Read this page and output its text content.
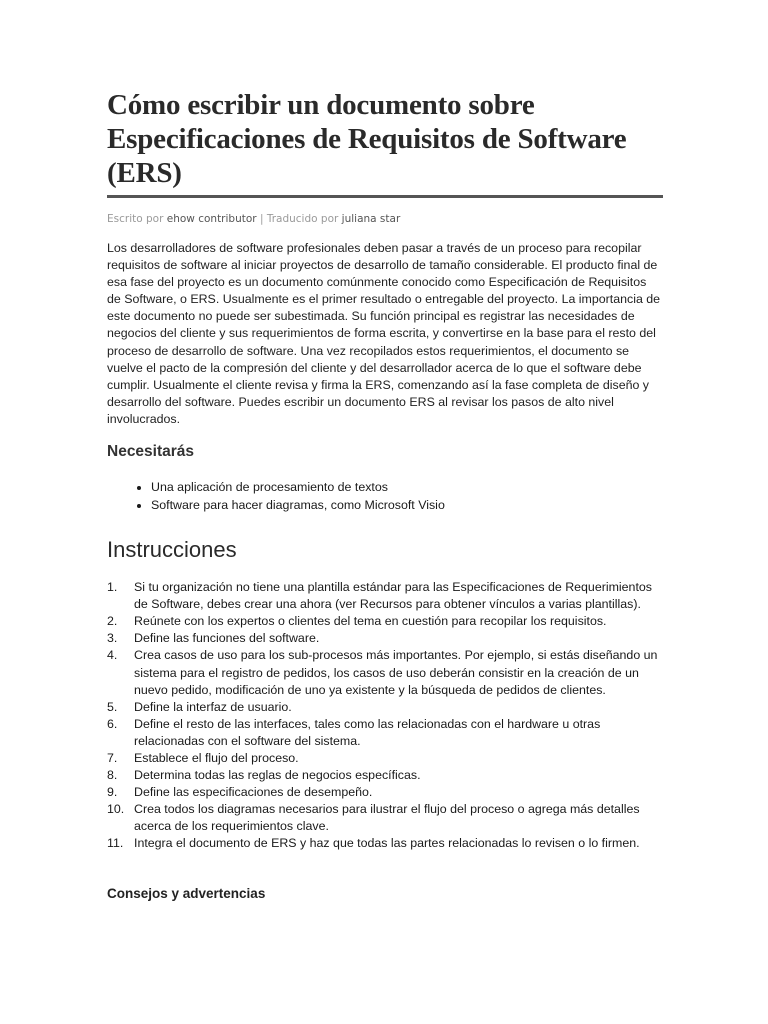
Cómo escribir un documento sobre Especificaciones de Requisitos de Software (ERS)
Escrito por ehow contributor | Traducido por juliana star

Los desarrolladores de software profesionales deben pasar a través de un proceso para recopilar requisitos de software al iniciar proyectos de desarrollo de tamaño considerable. El producto final de esa fase del proyecto es un documento comúnmente conocido como Especificación de Requisitos de Software, o ERS. Usualmente es el primer resultado o entregable del proyecto. La importancia de este documento no puede ser subestimada. Su función principal es registrar las necesidades de negocios del cliente y sus requerimientos de forma escrita, y convertirse en la base para el resto del proceso de desarrollo de software. Una vez recopilados estos requerimientos, el documento se vuelve el pacto de la compresión del cliente y del desarrollador acerca de lo que el software debe cumplir. Usualmente el cliente revisa y firma la ERS, comenzando así la fase completa de diseño y desarrollo del software. Puedes escribir un documento ERS al revisar los pasos de alto nivel involucrados.

Necesitarás
• Una aplicación de procesamiento de textos
• Software para hacer diagramas, como Microsoft Visio
Instrucciones
1.	Si tu organización no tiene una plantilla estándar para las Especificaciones de Requerimientos de Software, debes crear una ahora (ver Recursos para obtener vínculos a varias plantillas).
2.	Reúnete con los expertos o clientes del tema en cuestión para recopilar los requisitos.
3.	Define las funciones del software.
4.	Crea casos de uso para los sub-procesos más importantes. Por ejemplo, si estás diseñando un sistema para el registro de pedidos, los casos de uso deberán consistir en la creación de un nuevo pedido, modificación de uno ya existente y la búsqueda de pedidos de clientes.
5.	Define la interfaz de usuario.
6.	Define el resto de las interfaces, tales como las relacionadas con el hardware u otras relacionadas con el software del sistema.
7.	Establece el flujo del proceso.
8.	Determina todas las reglas de negocios específicas.
9.	Define las especificaciones de desempeño.
10. Crea todos los diagramas necesarios para ilustrar el flujo del proceso o agrega más detalles acerca de los requerimientos clave.
11. Integra el documento de ERS y haz que todas las partes relacionadas lo revisen o lo firmen.
Consejos y advertencias
